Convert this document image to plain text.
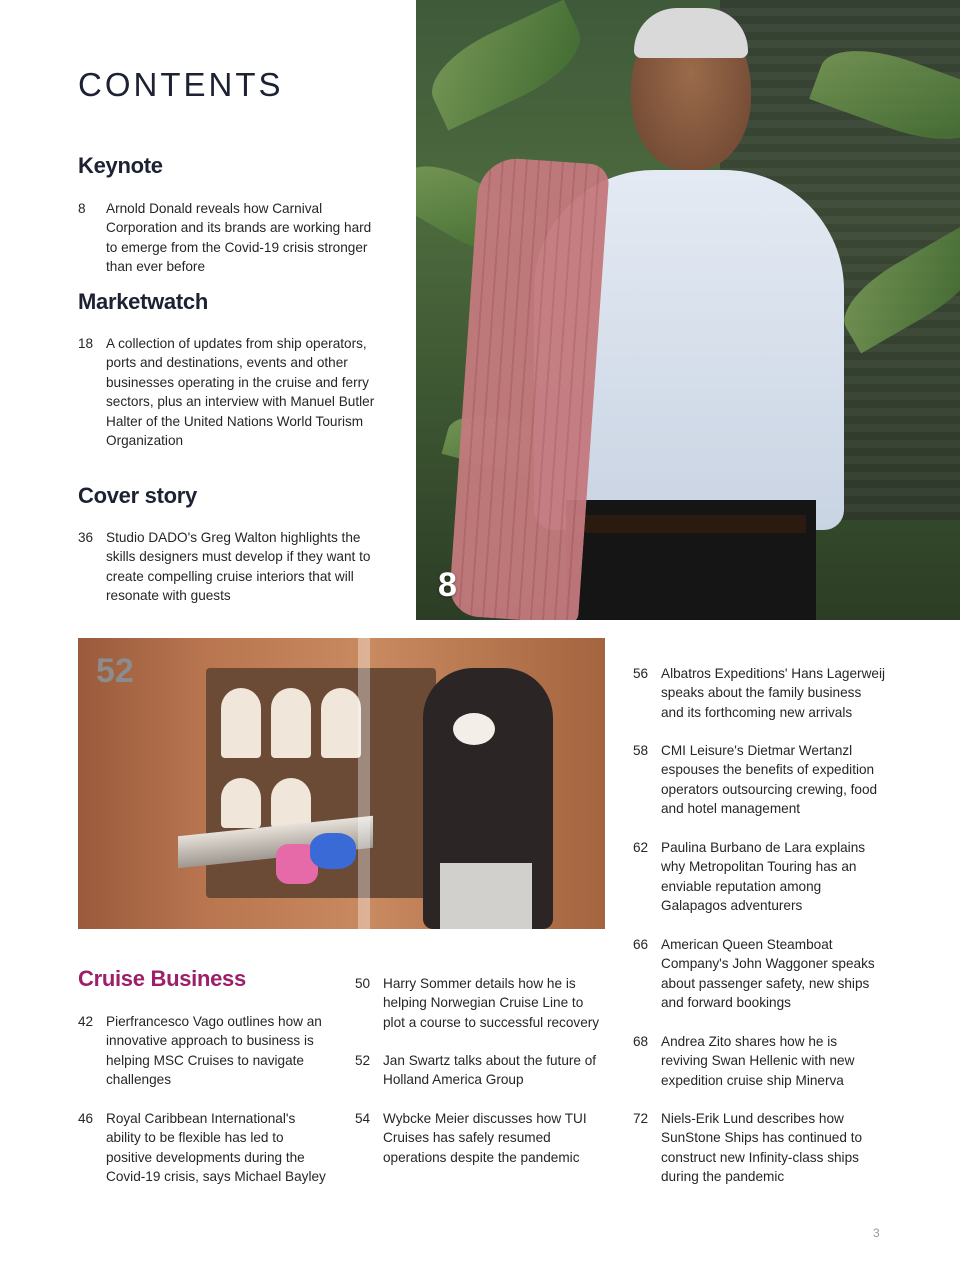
CONTENTS
Keynote
8 Arnold Donald reveals how Carnival Corporation and its brands are working hard to emerge from the Covid-19 crisis stronger than ever before
Marketwatch
18 A collection of updates from ship operators, ports and destinations, events and other businesses operating in the cruise and ferry sectors, plus an interview with Manuel Butler Halter of the United Nations World Tourism Organization
Cover story
36 Studio DADO's Greg Walton highlights the skills designers must develop if they want to create compelling cruise interiors that will resonate with guests	8
52
Cruise Business
42 Pierfrancesco Vago outlines how an innovative approach to business is helping MSC Cruises to navigate challenges
46 Royal Caribbean International's ability to be flexible has led to positive developments during the Covid-19 crisis, says Michael Bayley
50 Harry Sommer details how he is helping Norwegian Cruise Line to plot a course to successful recovery
52 Jan Swartz talks about the future of Holland America Group
54 Wybcke Meier discusses how TUI Cruises has safely resumed operations despite the pandemic
56 Albatros Expeditions' Hans Lagerweij speaks about the family business and its forthcoming new arrivals
58 CMI Leisure's Dietmar Wertanzl espouses the benefits of expedition operators outsourcing crewing, food and hotel management
62 Paulina Burbano de Lara explains why Metropolitan Touring has an enviable reputation among Galapagos adventurers
66 American Queen Steamboat Company's John Waggoner speaks about passenger safety, new ships and forward bookings
68 Andrea Zito shares how he is reviving Swan Hellenic with new expedition cruise ship Minerva
72 Niels-Erik Lund describes how SunStone Ships has continued to construct new Infinity-class ships during the pandemic
3
